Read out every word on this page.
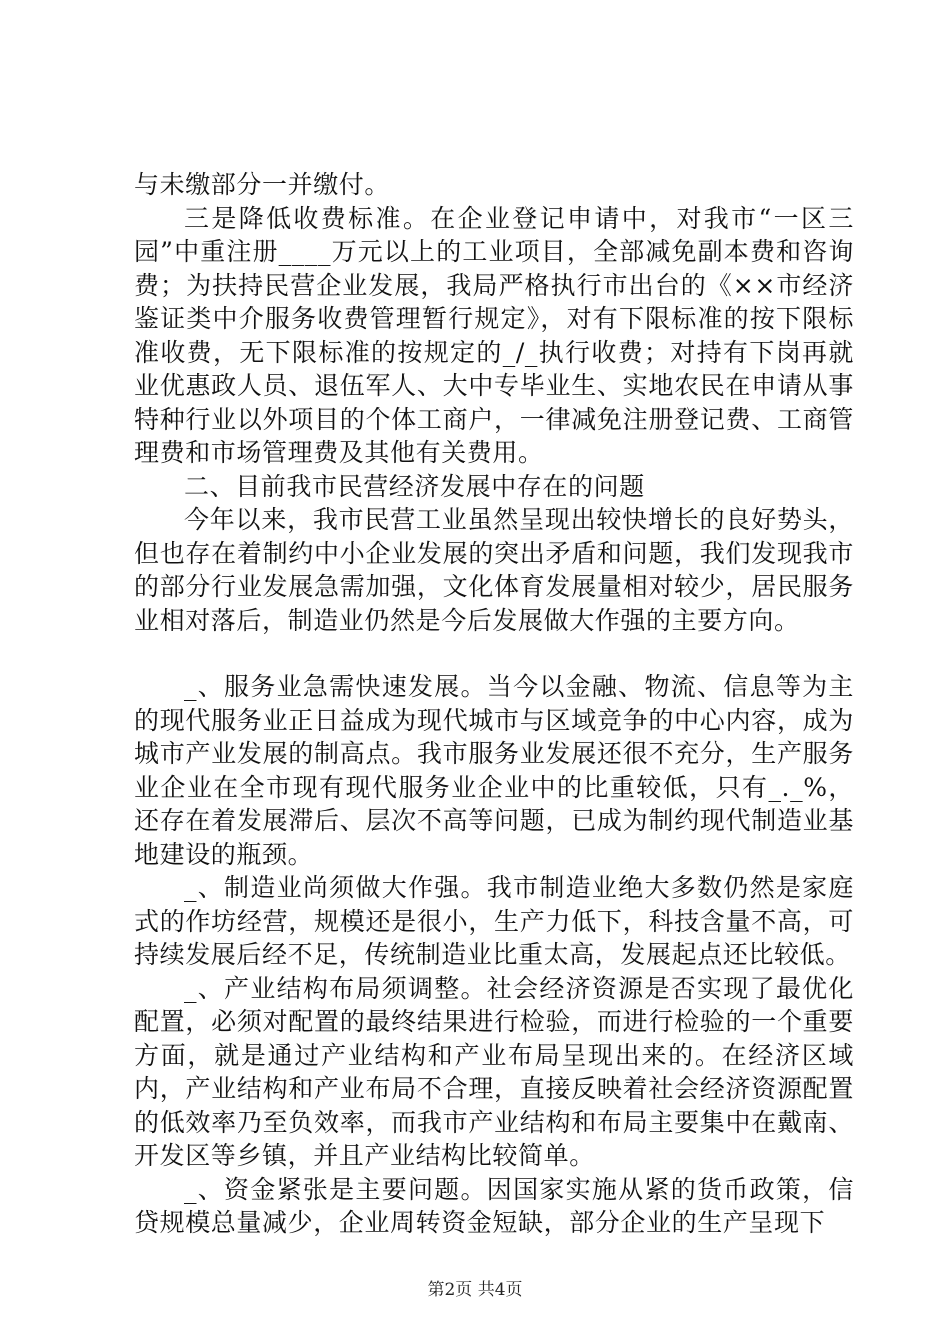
与未缴部分一并缴付。

三是降低收费标准。在企业登记申请中，对我市“一区三园”中重注册____万元以上的工业项目，全部减免副本费和咨询费；为扶持民营企业发展，我局严格执行市出台的《××市经济鉴证类中介服务收费管理暂行规定》，对有下限标准的按下限标准收费，无下限标准的按规定的_/_执行收费；对持有下岗再就业优惠政人员、退伍军人、大中专毕业生、实地农民在申请从事特种行业以外项目的个体工商户，一律减免注册登记费、工商管理费和市场管理费及其他有关费用。

二、目前我市民营经济发展中存在的问题

今年以来，我市民营工业虽然呈现出较快增长的良好势头，但也存在着制约中小企业发展的突出矛盾和问题，我们发现我市的部分行业发展急需加强，文化体育发展量相对较少，居民服务业相对落后，制造业仍然是今后发展做大作强的主要方向。

_、服务业急需快速发展。当今以金融、物流、信息等为主的现代服务业正日益成为现代城市与区域竞争的中心内容，成为城市产业发展的制高点。我市服务业发展还很不充分，生产服务业企业在全市现有现代服务业企业中的比重较低，只有_._%，还存在着发展滞后、层次不高等问题，已成为制约现代制造业基地建设的瓶颈。

_、制造业尚须做大作强。我市制造业绝大多数仍然是家庭式的作坊经营，规模还是很小，生产力低下，科技含量不高，可持续发展后经不足，传统制造业比重太高，发展起点还比较低。

_、产业结构布局须调整。社会经济资源是否实现了最优化配置，必须对配置的最终结果进行检验，而进行检验的一个重要方面，就是通过产业结构和产业布局呈现出来的。在经济区域内，产业结构和产业布局不合理，直接反映着社会经济资源配置的低效率乃至负效率，而我市产业结构和布局主要集中在戴南、开发区等乡镇，并且产业结构比较简单。

_、资金紧张是主要问题。因国家实施从紧的货币政策，信贷规模总量减少，企业周转资金短缺，部分企业的生产呈现下

第2页 共4页
